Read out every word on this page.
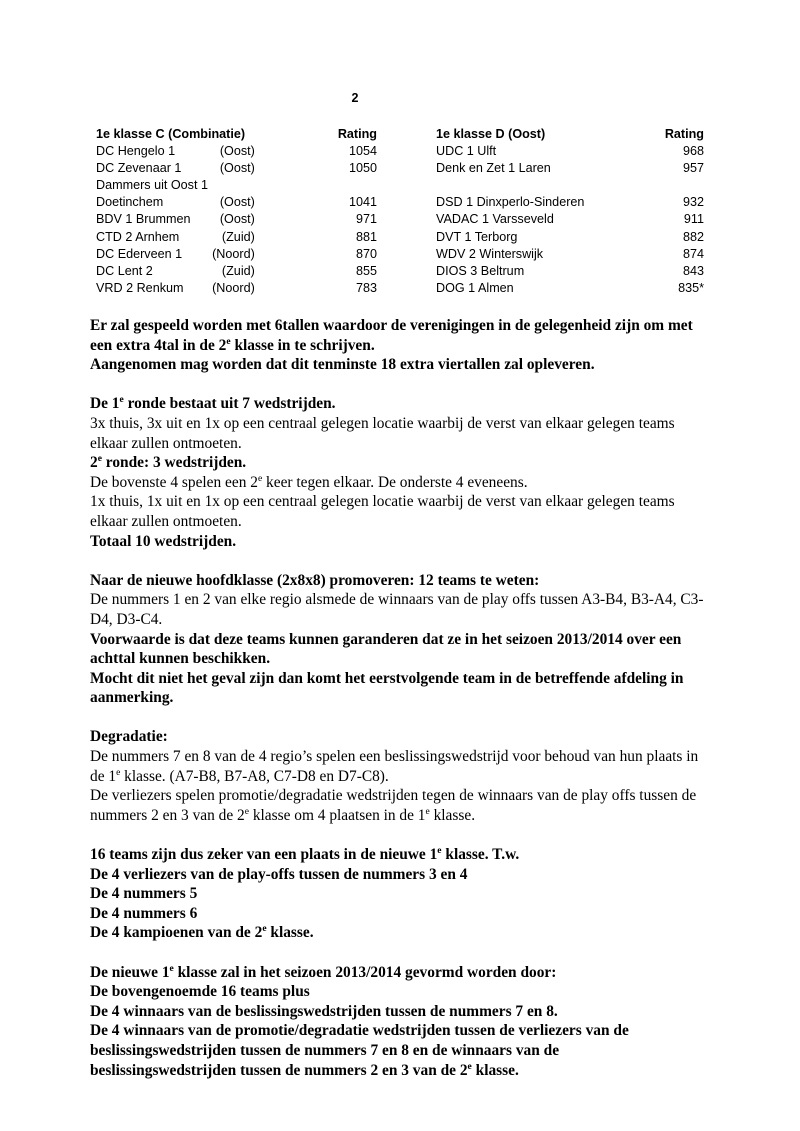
2
1e klasse C (Combinatie)		Rating
DC Hengelo 1	(Oost)	1054
DC Zevenaar 1	(Oost)	1050
Dammers uit Oost 1		
Doetinchem	(Oost)	1041
BDV 1 Brummen	(Oost)	971
CTD 2 Arnhem	(Zuid)	881
DC Ederveen 1	(Noord)	870
DC Lent 2	(Zuid)	855
VRD 2 Renkum	(Noord)	783
1e klasse D (Oost)	Rating
UDC 1 Ulft	968
Denk en Zet 1 Laren	957

DSD 1 Dinxperlo-Sinderen	932
VADAC 1 Varsseveld	911
DVT 1 Terborg	882
WDV 2 Winterswijk	874
DIOS 3 Beltrum	843
DOG 1 Almen	835*
Er zal gespeeld worden met 6tallen waardoor de verenigingen in de gelegenheid zijn om met een extra 4tal in de 2e klasse in te schrijven.
Aangenomen mag worden dat dit tenminste 18 extra viertallen zal opleveren.
De 1e ronde bestaat uit 7 wedstrijden.
3x thuis, 3x uit en 1x op een centraal gelegen locatie waarbij de verst van elkaar gelegen teams elkaar zullen ontmoeten.
2e ronde: 3 wedstrijden.
De bovenste 4 spelen een 2e keer tegen elkaar. De onderste 4 eveneens.
1x thuis, 1x uit en 1x op een centraal gelegen locatie waarbij de verst van elkaar gelegen teams elkaar zullen ontmoeten.
Totaal 10 wedstrijden.
Naar de nieuwe hoofdklasse (2x8x8) promoveren: 12 teams te weten:
De nummers 1 en 2 van elke regio alsmede de winnaars van de play offs tussen A3-B4, B3-A4, C3-D4, D3-C4.
Voorwaarde is dat deze teams kunnen garanderen dat ze in het seizoen 2013/2014 over een achttal kunnen beschikken.
Mocht dit niet het geval zijn dan komt het eerstvolgende team in de betreffende afdeling in aanmerking.
Degradatie:
De nummers 7 en 8 van de 4 regio’s spelen een beslissingswedstrijd voor behoud van hun plaats in de 1e klasse. (A7-B8, B7-A8, C7-D8 en D7-C8).
De verliezers spelen promotie/degradatie wedstrijden tegen de winnaars van de play offs tussen de nummers 2 en 3 van de 2e klasse om 4 plaatsen in de 1e klasse.
16 teams zijn dus zeker van een plaats in de nieuwe 1e klasse. T.w.
De 4 verliezers van de play-offs tussen de nummers 3 en 4
De 4 nummers 5
De 4 nummers 6
De 4 kampioenen van de 2e klasse.
De nieuwe 1e klasse zal in het seizoen 2013/2014 gevormd worden door:
De bovengenoemde 16 teams plus
De 4 winnaars van de beslissingswedstrijden tussen de nummers 7 en 8.
De 4 winnaars van de promotie/degradatie wedstrijden tussen de verliezers van de beslissingswedstrijden tussen de nummers 7 en 8 en de winnaars van de beslissingswedstrijden tussen de nummers 2 en 3 van de 2e klasse.
